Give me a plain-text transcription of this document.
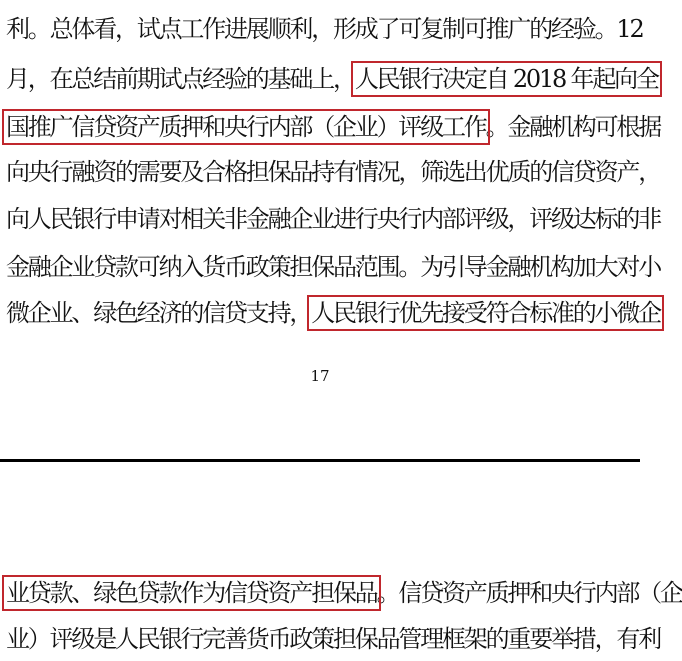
利。总体看，试点工作进展顺利，形成了可复制可推广的经验。12
月，在总结前期试点经验的基础上，人民银行决定自 2018 年起向全
国推广信贷资产质押和央行内部（企业）评级工作。金融机构可根据
向央行融资的需要及合格担保品持有情况，筛选出优质的信贷资产，
向人民银行申请对相关非金融企业进行央行内部评级，评级达标的非
金融企业贷款可纳入货币政策担保品范围。为引导金融机构加大对小
微企业、绿色经济的信贷支持，人民银行优先接受符合标准的小微企
17
业贷款、绿色贷款作为信贷资产担保品。信贷资产质押和央行内部（企
业）评级是人民银行完善货币政策担保品管理框架的重要举措，有利
